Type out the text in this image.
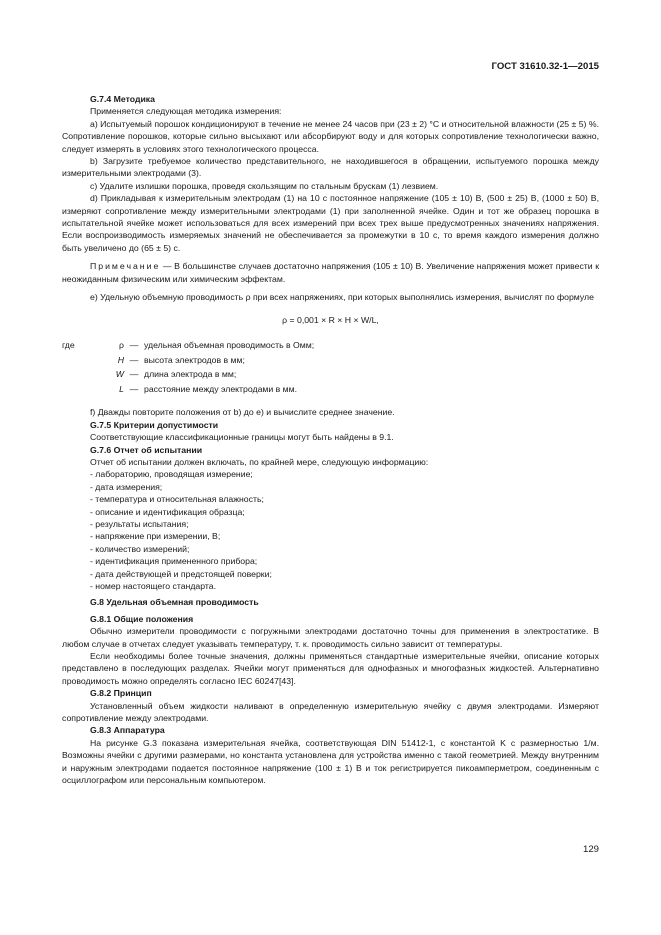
ГОСТ 31610.32-1—2015

G.7.4 Методика

Применяется следующая методика измерения:

а) Испытуемый порошок кондиционируют в течение не менее 24 часов при (23 ± 2) °С и относительной влажности (25 ± 5) %. Сопротивление порошков, которые сильно высыхают или абсорбируют воду и для которых сопротивление технологически важно, следует измерять в условиях этого технологического процесса.

b) Загрузите требуемое количество представительного, не находившегося в обращении, испытуемого порошка между измерительными электродами (3).

с) Удалите излишки порошка, проведя скользящим по стальным брускам (1) лезвием.

d) Прикладывая к измерительным электродам (1) на 10 с постоянное напряжение (105 ± 10) В, (500 ± 25) В, (1000 ± 50) В, измеряют сопротивление между измерительными электродами (1) при заполненной ячейке. Один и тот же образец порошка в испытательной ячейке может использоваться для всех измерений при всех трех выше предусмотренных значениях напряжения. Если воспроизводимость измеряемых значений не обеспечивается за промежутки в 10 с, то время каждого измерения должно быть увеличено до (65 ± 5) с.

Примечание — В большинстве случаев достаточно напряжения (105 ± 10) В. Увеличение напряжения может привести к неожиданным физическим или химическим эффектам.

е) Удельную объемную проводимость ρ при всех напряжениях, при которых выполнялись измерения, вычислят по формуле

ρ = 0,001 × R × H × W/L,
где	ρ — удельная объемная проводимость в Омм;
H — высота электродов в мм;
W — длина электрода в мм;
L — расстояние между электродами в мм.

f) Дважды повторите положения от b) до е) и вычислите среднее значение.

G.7.5 Критерии допустимости

Соответствующие классификационные границы могут быть найдены в 9.1.

G.7.6 Отчет об испытании

Отчет об испытании должен включать, по крайней мере, следующую информацию:

- лабораторию, проводящая измерение;

- дата измерения;

- температура и относительная влажность;

- описание и идентификация образца;

- результаты испытания;

- напряжение при измерении, В;

- количество измерений;

- идентификация примененного прибора;

- дата действующей и предстоящей поверки;

- номер настоящего стандарта.

G.8 Удельная объемная проводимость

G.8.1 Общие положения

Обычно измерители проводимости с погружными электродами достаточно точны для применения в электростатике. В любом случае в отчетах следует указывать температуру, т. к. проводимость сильно зависит от температуры.

Если необходимы более точные значения, должны применяться стандартные измерительные ячейки, описание которых представлено в последующих разделах. Ячейки могут применяться для однофазных и многофазных жидкостей. Альтернативно проводимость можно определять согласно IEC 60247[43].

G.8.2 Принцип

Установленный объем жидкости наливают в определенную измерительную ячейку с двумя электродами. Измеряют сопротивление между электродами.

G.8.3 Аппаратура

На рисунке G.3 показана измерительная ячейка, соответствующая DIN 51412-1, с константой K с размерностью 1/м. Возможны ячейки с другими размерами, но константа установлена для устройства именно с такой геометрией. Между внутренним и наружным электродами подается постоянное напряжение (100 ± 1) В и ток регистрируется пикоамперметром, соединенным с осциллографом или персональным компьютером.

129
